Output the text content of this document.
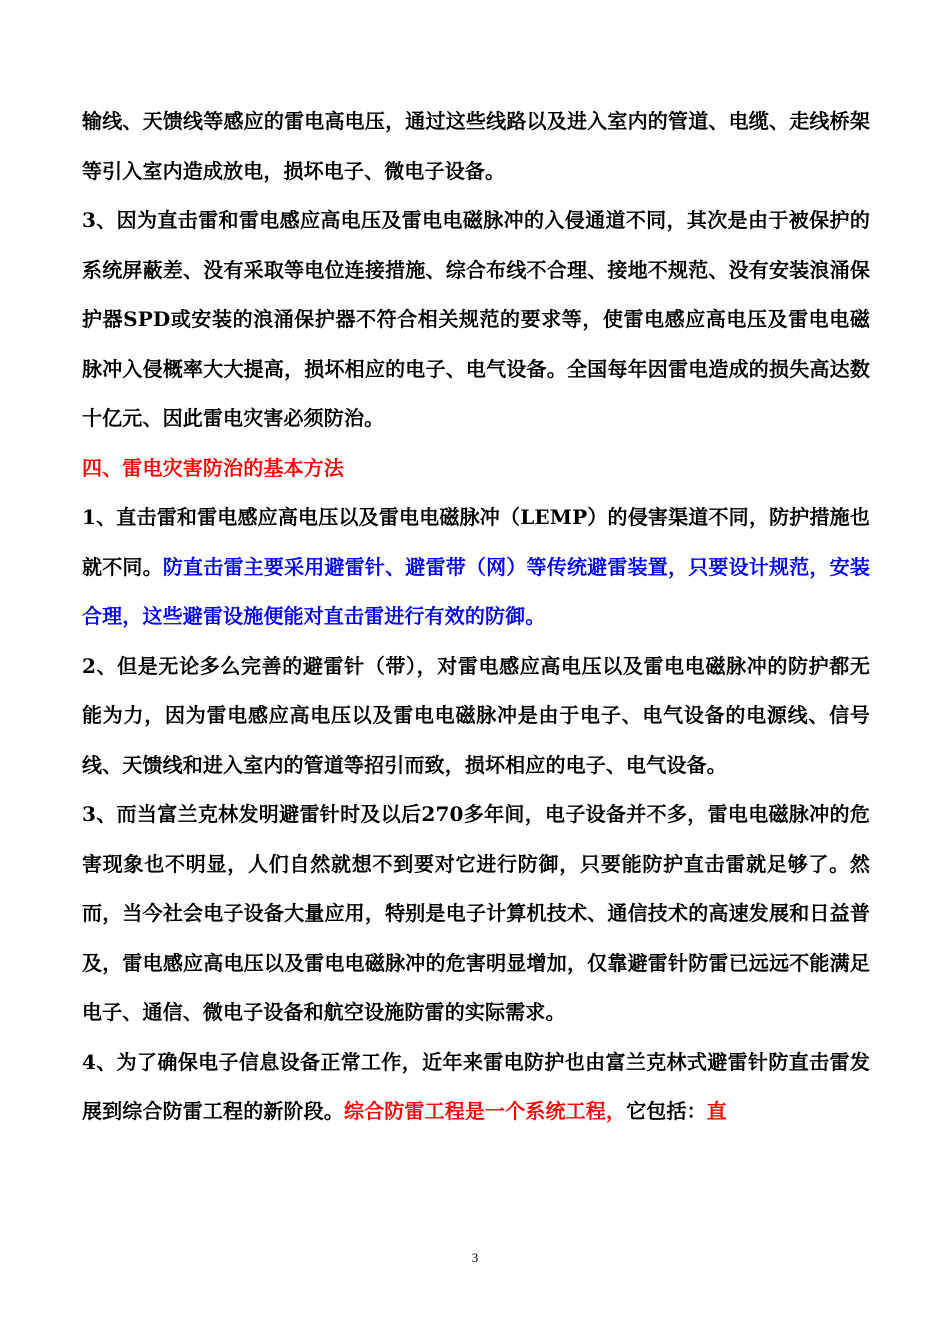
输线、天馈线等感应的雷电高电压，通过这些线路以及进入室内的管道、电缆、走线桥架等引入室内造成放电，损坏电子、微电子设备。

3、因为直击雷和雷电感应高电压及雷电电磁脉冲的入侵通道不同，其次是由于被保护的系统屏蔽差、没有采取等电位连接措施、综合布线不合理、接地不规范、没有安装浪涌保护器SPD或安装的浪涌保护器不符合相关规范的要求等，使雷电感应高电压及雷电电磁脉冲入侵概率大大提高，损坏相应的电子、电气设备。全国每年因雷电造成的损失高达数十亿元、因此雷电灾害必须防治。

四、雷电灾害防治的基本方法

1、直击雷和雷电感应高电压以及雷电电磁脉冲（LEMP）的侵害渠道不同，防护措施也就不同。防直击雷主要采用避雷针、避雷带（网）等传统避雷装置，只要设计规范，安装合理，这些避雷设施便能对直击雷进行有效的防御。

2、但是无论多么完善的避雷针（带），对雷电感应高电压以及雷电电磁脉冲的防护都无能为力，因为雷电感应高电压以及雷电电磁脉冲是由于电子、电气设备的电源线、信号线、天馈线和进入室内的管道等招引而致，损坏相应的电子、电气设备。

3、而当富兰克林发明避雷针时及以后270多年间，电子设备并不多，雷电电磁脉冲的危害现象也不明显，人们自然就想不到要对它进行防御，只要能防护直击雷就足够了。然而，当今社会电子设备大量应用，特别是电子计算机技术、通信技术的高速发展和日益普及，雷电感应高电压以及雷电电磁脉冲的危害明显增加，仅靠避雷针防雷已远远不能满足电子、通信、微电子设备和航空设施防雷的实际需求。

4、为了确保电子信息设备正常工作，近年来雷电防护也由富兰克林式避雷针防直击雷发展到综合防雷工程的新阶段。综合防雷工程是一个系统工程，它包括：直

3
